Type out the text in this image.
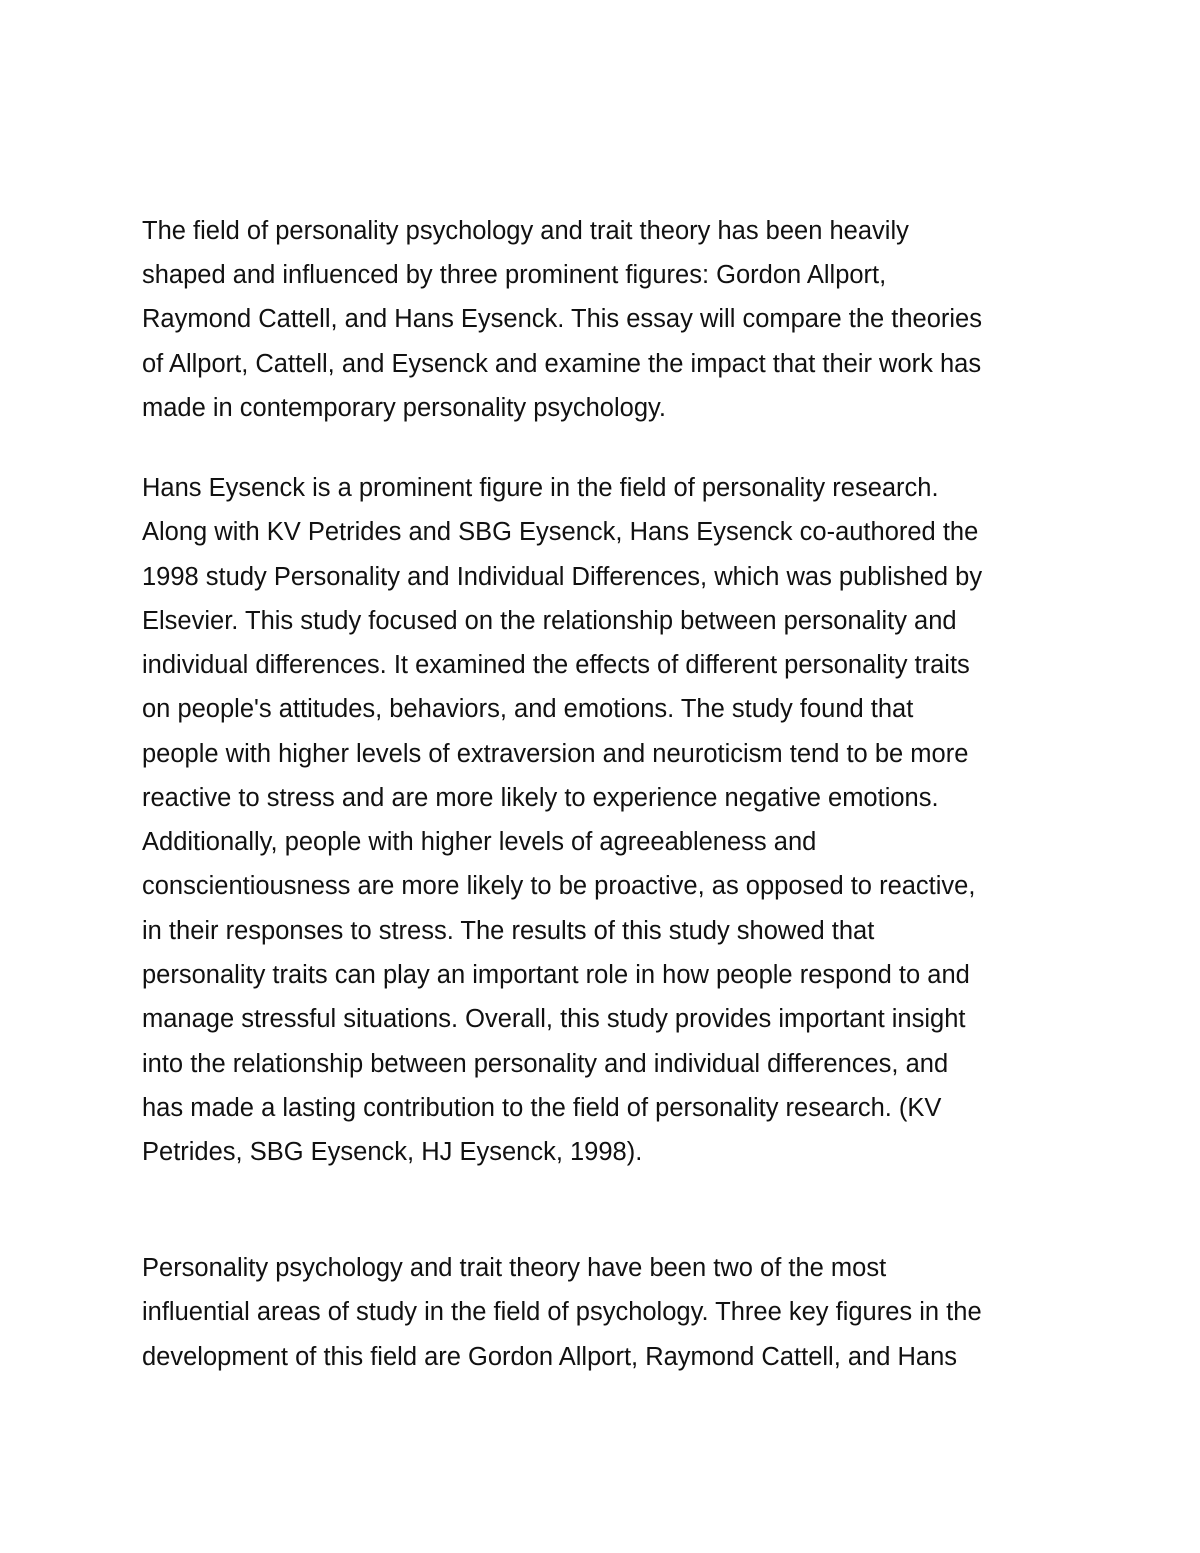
The field of personality psychology and trait theory has been heavily
shaped and influenced by three prominent figures: Gordon Allport,
Raymond Cattell, and Hans Eysenck. This essay will compare the theories
of Allport, Cattell, and Eysenck and examine the impact that their work has
made in contemporary personality psychology.
Hans Eysenck is a prominent figure in the field of personality research.
Along with KV Petrides and SBG Eysenck, Hans Eysenck co-authored the
1998 study Personality and Individual Differences, which was published by
Elsevier. This study focused on the relationship between personality and
individual differences. It examined the effects of different personality traits
on people's attitudes, behaviors, and emotions. The study found that
people with higher levels of extraversion and neuroticism tend to be more
reactive to stress and are more likely to experience negative emotions.
Additionally, people with higher levels of agreeableness and
conscientiousness are more likely to be proactive, as opposed to reactive,
in their responses to stress. The results of this study showed that
personality traits can play an important role in how people respond to and
manage stressful situations. Overall, this study provides important insight
into the relationship between personality and individual differences, and
has made a lasting contribution to the field of personality research. (KV
Petrides, SBG Eysenck, HJ Eysenck, 1998).
Personality psychology and trait theory have been two of the most
influential areas of study in the field of psychology. Three key figures in the
development of this field are Gordon Allport, Raymond Cattell, and Hans
